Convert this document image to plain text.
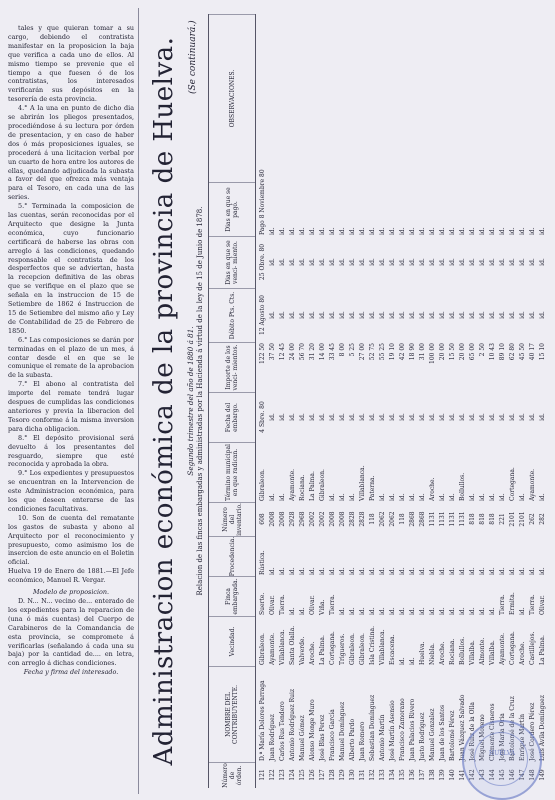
tales y que quieran tomar a su cargo, debiendo el contratista manifestar en la proposicion la baja que verifica a cada uno de ellos. Al mismo tiempo se prevenie que el tiempo a que fuesen ó de los contratistas, los interesados verificarán sus depósitos en la tesorería de esta provincia.

4.° A la una en punto de dicho dia se abrirán los pliegos presentados, procediéndose á su lectura por órden de presentacion, y en caso de haber dos ó más proposiciones iguales, se procederá á una licitacion verbal por un cuarto de hora entre los autores de ellas, quedando adjudicada la subasta a favor del que ofrezca más ventaja para el Tesoro, en cada una de las series.

5.° Terminada la composicion de las cuentas, serán reconocidas por el Arquitecto que designe la Junta económica, cuyo funcionario certificará de haberse las obras con arreglo á las condiciones, quedando responsable el contratista de los desperfectos que se adviertan, hasta la recepcion definitiva de las obras que se verifique en el plazo que se señala en la instruccion de 15 de Setiembre de 1862 é Instruccion de 15 de Setiembre del mismo año y Ley de Contabilidad de 25 de Febrero de 1850.

6.° Las composiciones se darán por terminadas en el plazo de un mes, á contar desde el en que se le comunique el remate de la aprobacion de la subasta.

7.° El abono al contratista del importe del remate tendrá lugar despues de cumplidas las condiciones anteriores y previa la liberacion del Tesoro conforme á la misma inversion para dicha obligacion.

8.° El depósito provisional será devuelto á los presentantes del resguardo, siempre que esté reconocida y aprobada la obra.

9.° Los expedientes y presupuestos se encuentran en la Intervencion de este Administracion económica, para los que deseen enterarse de las condiciones facultativas.

10. Son de cuenta del rematante los gastos de subasta y abono al Arquitecto por el reconocimiento y presupuesto, como asimismo los de insercion de este anuncio en el Boletin oficial.

Huelva 19 de Enero de 1881.—El Jefe económico, Manuel R. Vergar.

Modelo de proposicion.

D. N... N... vecino de... enterado de los expedientes para la reparacion de (una ó más cuentas) del Cuerpo de Carabineros de la Comandancia de esta provincia, se compromete á verificarlas (señalando á cada una su baja) por la cantidad de.... en letra, con arreglo á dichas condiciones.

Fecha y firma del interesado.	Administracion económica de la provincia de Huelva. Segundo trimestre del año de 1880 á 81. Relacion de las fincas embargadas y administradas por la Hacienda á virtud de la ley de 15 de Junio de 1878.
Número de órden.
NOMBRE DEL CONTRIBUYENTE.
Vecindad.
Finca embargada.
Procedencia.
Número del inventario.
Término municipal en que radican.
Fecha del embargo.
Importe de los venci- mientos.
Débito Pts. Cts.
Dias en que se venci- miento.
Dias en que se pagó.
OBSERVACIONES.
121
D.ª María Dolores Parraga
Gibraleon.
Suerte.
Rústica.
608
Gibraleon.
4 Sbre. 80
122 50
12 Agosto 80
25 Obre. 80
Pago 8 Noviembre 80
122
Juan Rodríguez
Ayamonte.
Olivar.
id.
2008
id.
id.
37 50
id.
id.
id.
123
Carlos Rus Tendero
Villablanca.
Tierra.
id.
2008
id.
id.
12 45
id.
id.
id.
124
Antonio Rodríguez Ruiz
Santa Olalla.
id.
id.
2928
Ayamonte.
id.
24 00
id.
id.
id.
125
Manuel Gómez
Valverde.
id.
id.
2968
Rociana.
id.
56 70
id.
id.
id.
126
Alonso Monge Muro
Aroche.
Olivar.
id.
2002
La Palma.
id.
31 20
id.
id.
id.
127
José Blas Perez
La Palma.
Viña.
id.
2002
Gibraleon.
id.
14 00
id.
id.
id.
128
Francisco García
Cortegana.
Tierra.
id.
2008
id.
id.
33 45
id.
id.
id.
129
Manuel Domínguez
Trigueros.
id.
id.
2008
id.
id.
8 00
id.
id.
id.
130
Alberto Pardo
Gibraleon.
id.
id.
2828
id.
id.
5 25
id.
id.
id.
131
Juan Romero
Gibraleon.
id.
id.
2828
Villablanca.
id.
27 00
id.
id.
id.
132
Sebastian Domínguez
Isla Cristina.
id.
id.
118
Paterna.
id.
52 75
id.
id.
id.
133
Antonio Martín
Villablanca.
id.
id.
2062
id.
id.
55 25
id.
id.
id.
134
José Martín Asensio
Escacena.
id.
id.
2062
id.
id.
19 10
id.
id.
id.
135
Francisco Zamorano
id.
id.
id.
118
id.
id.
42 00
id.
id.
id.
136
Juan Palacios Rivero
id.
id.
id.
2868
id.
id.
18 90
id.
id.
id.
137
Justo Rodriguez
Huelva.
id.
id.
2868
id.
id.
31 00
id.
id.
id.
138
Manuel Gonzalez
Niebla.
id.
id.
1131
Aroche.
id.
100 00
id.
id.
id.
139
Juan de los Santos
Aroche.
id.
id.
1131
id.
id.
20 00
id.
id.
id.
140
Bartolomé Pérez
Rociana.
id.
id.
1131
id.
id.
15 50
id.
id.
id.
141
Juan Vázquez Salvado
Bollullos.
id.
id.
1131
Bollullos.
id.
20 00
id.
id.
id.
142
José Ruiz de la Olla
Villalba.
id.
id.
818
id.
id.
65 00
id.
id.
id.
143
Miguel Moreno
Almonte.
id.
id.
818
id.
id.
2 50
id.
id.
id.
144
Clemente Cisneros
Villalba.
id.
id.
818
id.
id.
10 43
id.
id.
id.
145
José María Oria
Ayamonte.
Tierra.
id.
221
id.
id.
89 10
id.
id.
id.
146
Bartolomé de la Cruz
Cortegana.
Ermita.
id.
2101
Cortegana.
id.
62 80
id.
id.
id.
147
Enrique Martín
Aroche.
id.
id.
2101
id.
id.
45 50
id.
id.
id.
148
José Cordero Pérez
Castillejos.
Tierra.
id.
262
Ayamonte.
id.
40 17
id.
id.
id.
149
Luis Ávila Domínguez
La Palma.
Olivar.
id.
282
id.
id.
15 10
id.
id.
id.
(Se continuará.)
HUELVA
